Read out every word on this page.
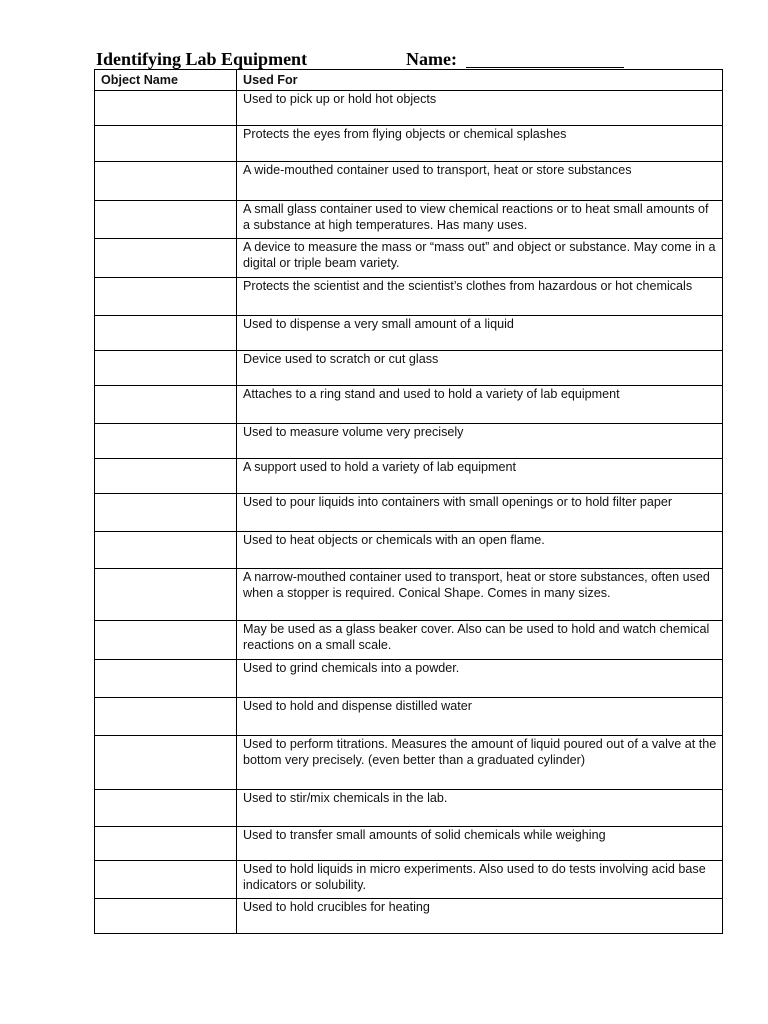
Identifying Lab Equipment	Name:
Object Name	Used For
	Used to pick up or hold hot objects
	Protects the eyes from flying objects or chemical splashes
	A wide-mouthed container used to transport, heat or store substances
	A small glass container used to view chemical reactions or to heat small amounts of a substance at high temperatures. Has many uses.
	A device to measure the mass or “mass out” and object or substance. May come in a digital or triple beam variety.
	Protects the scientist and the scientist’s clothes from hazardous or hot chemicals
	Used to dispense a very small amount of a liquid
	Device used to scratch or cut glass
	Attaches to a ring stand and used to hold a variety of lab equipment
	Used to measure volume very precisely
	A support used to hold a variety of lab equipment
	Used to pour liquids into containers with small openings or to hold filter paper
	Used to heat objects or chemicals with an open flame.
	A narrow-mouthed container used to transport, heat or store substances, often used when a stopper is required. Conical Shape. Comes in many sizes.
	May be used as a glass beaker cover. Also can be used to hold and watch chemical reactions on a small scale.
	Used to grind chemicals into a powder.
	Used to hold and dispense distilled water
	Used to perform titrations. Measures the amount of liquid poured out of a valve at the bottom very precisely. (even better than a graduated cylinder)
	Used to stir/mix chemicals in the lab.
	Used to transfer small amounts of solid chemicals while weighing
	Used to hold liquids in micro experiments. Also used to do tests involving acid base indicators or solubility.
	Used to hold crucibles for heating
